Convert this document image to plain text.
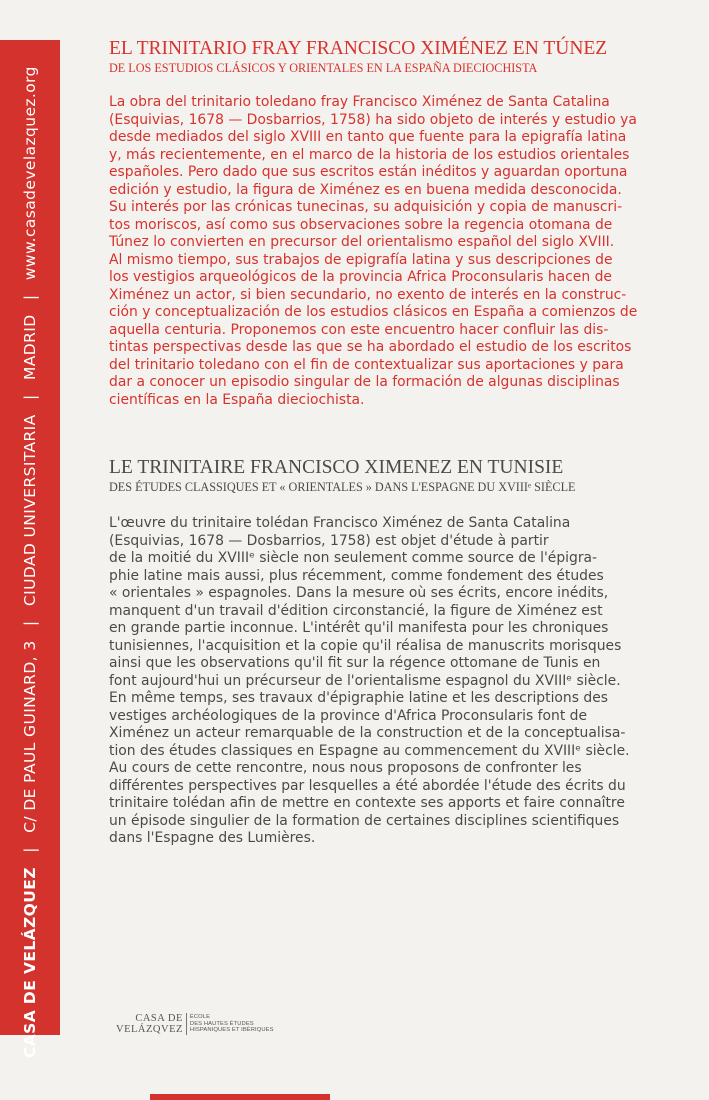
CASA DE VELÁZQUEZ | C/ DE PAUL GUINARD, 3 | CIUDAD UNIVERSITARIA | MADRID | www.casadevelazquez.org
EL TRINITARIO FRAY FRANCISCO XIMÉNEZ EN TÚNEZ
DE LOS ESTUDIOS CLÁSICOS Y ORIENTALES EN LA ESPAÑA DIECIOCHISTA
La obra del trinitario toledano fray Francisco Ximénez de Santa Catalina
(Esquivias, 1678 — Dosbarrios, 1758) ha sido objeto de interés y estudio ya
desde mediados del siglo XVIII en tanto que fuente para la epigrafía latina
y, más recientemente, en el marco de la historia de los estudios orientales
españoles. Pero dado que sus escritos están inéditos y aguardan oportuna
edición y estudio, la figura de Ximénez es en buena medida desconocida.
Su interés por las crónicas tunecinas, su adquisición y copia de manuscri-
tos moriscos, así como sus observaciones sobre la regencia otomana de
Túnez lo convierten en precursor del orientalismo español del siglo XVIII.
Al mismo tiempo, sus trabajos de epigrafía latina y sus descripciones de
los vestigios arqueológicos de la provincia Africa Proconsularis hacen de
Ximénez un actor, si bien secundario, no exento de interés en la construc-
ción y conceptualización de los estudios clásicos en España a comienzos de
aquella centuria. Proponemos con este encuentro hacer confluir las dis-
tintas perspectivas desde las que se ha abordado el estudio de los escritos
del trinitario toledano con el fin de contextualizar sus aportaciones y para
dar a conocer un episodio singular de la formación de algunas disciplinas
científicas en la España dieciochista.
LE TRINITAIRE FRANCISCO XIMENEZ EN TUNISIE
DES ÉTUDES CLASSIQUES ET « ORIENTALES » DANS L'ESPAGNE DU XVIIIᵉ SIÈCLE
L'œuvre du trinitaire tolédan Francisco Ximénez de Santa Catalina
(Esquivias, 1678 — Dosbarrios, 1758) est objet d'étude à partir
de la moitié du XVIIIᵉ siècle non seulement comme source de l'épigra-
phie latine mais aussi, plus récemment, comme fondement des études
« orientales » espagnoles. Dans la mesure où ses écrits, encore inédits,
manquent d'un travail d'édition circonstancié, la figure de Ximénez est
en grande partie inconnue. L'intérêt qu'il manifesta pour les chroniques
tunisiennes, l'acquisition et la copie qu'il réalisa de manuscrits morisques
ainsi que les observations qu'il fit sur la régence ottomane de Tunis en
font aujourd'hui un précurseur de l'orientalisme espagnol du XVIIIᵉ siècle.
En même temps, ses travaux d'épigraphie latine et les descriptions des
vestiges archéologiques de la province d'Africa Proconsularis font de
Ximénez un acteur remarquable de la construction et de la conceptualisa-
tion des études classiques en Espagne au commencement du XVIIIᵉ siècle.
Au cours de cette rencontre, nous nous proposons de confronter les
différentes perspectives par lesquelles a été abordée l'étude des écrits du
trinitaire tolédan afin de mettre en contexte ses apports et faire connaître
un épisode singulier de la formation de certaines disciplines scientifiques
dans l'Espagne des Lumières.
CASA DE
VELÁZQVEZ
ÉCOLE
DES HAUTES ÉTUDES
HISPANIQUES ET IBÉRIQUES
